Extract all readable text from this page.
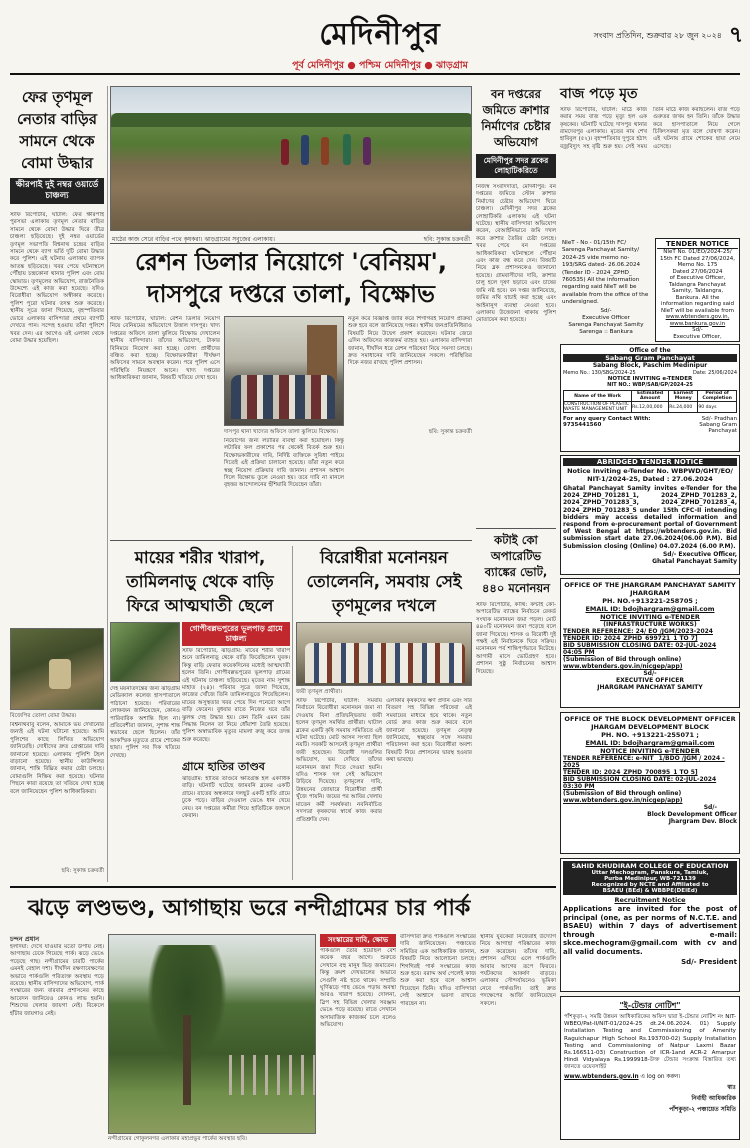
মেদিনীপুর	সংবাদ প্রতিদিন, শুক্রবার ২৮ জুন ২০২৪ ৭
পূর্ব মেদিনীপুর ● পশ্চিম মেদিনীপুর ● ঝাড়গ্রাম
ফের তৃণমূল নেতার বাড়ির সামনে থেকে বোমা উদ্ধার
ক্ষীরপাই দুই নম্বর ওয়ার্ডে চাঞ্চল্য
স্টাফ রিপোর্টার, ঘাটাল: ফের ক্ষীরপাই পুরসভা এলাকায় তৃণমূল নেতার বাড়ির সামনে থেকে বোমা উদ্ধার ঘিরে তীব্র চাঞ্চল্য ছড়িয়েছে। দুই নম্বর ওয়ার্ডের তৃণমূল সভাপতি বিশ্বনাথ চন্দ্রের বাড়ির সামনে থেকে ব্যাগ ভর্তি দুটি বোমা উদ্ধার করে পুলিশ। এই ঘটনায় এলাকায় ব্যাপক আতঙ্ক ছড়িয়েছে। খবর পেয়ে ঘটনাস্থলে পৌঁছায় চন্দ্রকোনা থানার পুলিশ এবং বোম স্কোয়াড। তৃণমূলের অভিযোগ, রাজনৈতিক উদ্দেশ্যে এই কাজ করা হয়েছে। যদিও বিরোধীরা অভিযোগ অস্বীকার করেছে। পুলিশ পুরো ঘটনার তদন্ত শুরু করেছে। স্থানীয় সূত্রে জানা গিয়েছে, বৃহস্পতিবার ভোরে এলাকার বাসিন্দারা প্রথমে ব্যাগটি দেখতে পান। সন্দেহ হওয়ায় তাঁরা পুলিশে খবর দেন। এর আগেও ওই এলাকা থেকে বোমা উদ্ধার হয়েছিল।
বিজেপির তোলা বোমা উদ্ধার।
বিশ্বনাথবাবু বলেন, আমাকে ভয় দেখানোর জন্যই এই ঘটনা ঘটানো হয়েছে। আমি পুলিশের কাছে লিখিত অভিযোগ জানিয়েছি। দোষীদের দ্রুত গ্রেপ্তারের দাবি জানানো হয়েছে। এলাকায় পুলিশি টহল বাড়ানো হয়েছে। স্থানীয় কাউন্সিলর জানান, শান্তি বিঘ্নিত করার চেষ্টা চলছে। বোমাগুলি নিষ্ক্রিয় করা হয়েছে। ঘটনার পিছনে কারা রয়েছে তা খতিয়ে দেখা হচ্ছে বলে জানিয়েছেন পুলিশ আধিকারিকরা।
ছবি: সুকান্ত চক্রবর্তী
মাঠের কাজ সেরে বাড়ির পথে কৃষকরা। ঝাড়গ্রামের সবুজের এলাকায়।	ছবি: সুকান্ত চক্রবর্তী
বন দপ্তরের জমিতে ক্রাশার নির্মাণের চেষ্টার অভিযোগ
মেদিনীপুর সদর ব্লকের লোহাটিকরিতে
নিজস্ব সংবাদদাতা, মেদিনীপুর: বন দপ্তরের জমিতে স্টোন ক্রাশার নির্মাণের চেষ্টার অভিযোগ ঘিরে চাঞ্চল্য। মেদিনীপুর সদর ব্লকের লোহাটিকরি এলাকায় এই ঘটনা ঘটেছে। স্থানীয় বাসিন্দারা অভিযোগ করেন, বেআইনিভাবে জমি দখল করে ক্রাশার তৈরির চেষ্টা চলছে। খবর পেয়ে বন দপ্তরের আধিকারিকরা ঘটনাস্থলে পৌঁছান এবং কাজ বন্ধ করে দেন। বিষয়টি নিয়ে ব্লক প্রশাসনকেও জানানো হয়েছে। গ্রামবাসীদের দাবি, ক্রাশার চালু হলে দূষণ ছড়াবে এবং চাষের জমি নষ্ট হবে। বন দপ্তর জানিয়েছে, জমির নথি যাচাই করা হচ্ছে এবং আইনানুগ ব্যবস্থা নেওয়া হবে। এলাকায় উত্তেজনা থাকায় পুলিশ মোতায়েন করা হয়েছে।
কটাই কো অপারেটিভ ব্যাঙ্কের ভোট, ৪৪০ মনোনয়ন
স্টাফ রিপোর্টার, কাঁথি: কন্টাই কো-অপারেটিভ ব্যাঙ্কের নির্বাচনে রেকর্ড সংখ্যক মনোনয়ন জমা পড়ল। মোট ৪৪০টি মনোনয়ন জমা পড়েছে বলে জানা গিয়েছে। শাসক ও বিরোধী দুই পক্ষই এই নির্বাচনকে ঘিরে সক্রিয়। মনোনয়ন পর্ব শান্তিপূর্ণভাবে মিটেছে। আগামী মাসে ভোটগ্রহণ হবে। প্রশাসন সুষ্ঠু নির্বাচনের আশ্বাস দিয়েছে।
বাজ পড়ে মৃত
স্টাফ রিপোর্টার, ঘাটাল: মাঠে কাজ করার সময় বাজ পড়ে মৃত্যু হল এক কৃষকের। ঘটনাটি ঘটেছে দাসপুর থানার রামদেবপুর এলাকায়। মৃতের নাম শেখ হাবিবুল (৫২)। বৃহস্পতিবার দুপুরে হঠাৎ বজ্রবিদ্যুৎ সহ বৃষ্টি শুরু হয়। সেই সময় তিনি মাঠে কাজ করছিলেন। বাজ পড়ে গুরুতর জখম হন তিনি। তাঁকে উদ্ধার করে হাসপাতালে নিয়ে গেলে চিকিৎসকরা মৃত বলে ঘোষণা করেন। এই ঘটনায় গ্রামে শোকের ছায়া নেমে এসেছে।
NIeT - No - 01/15th FC/
Sarenga Panchayat Samity/
2024-25 vide memo no-
193/SRG dated- 26.06.2024
(Tender ID - 2024_ZPHD_
760535) All the information
regarding said NIeT will be
available from the office of the
undersigned.
Sd/-
Executive Officer
Sarenga Panchayat Samity
Sarenga :: Bankura
TENDER NOTICE
NIeT No. 01/EO/2024-25/
15th FC Dated 27/06/2024,
Memo No. 175
Dated 27/06/2024
of Executive Officer,
Taldangra Panchayat
Samity, Taldangra,
Bankura. All the
information regarding said
NIeT will be available from
www.wbtenders.gov.in,
www.bankura.gov.in
Sd/-
Executive Officer,
Office of the
Sabang Gram Panchayat
Sabang Block, Paschim Medinipur
Memo No.: 130/SBG/2024-25	Date: 25/06/2024
NOTICE INVITING e-TENDER
NIT NO.: WBP/SAB/GP/2024-25
Name of the Work	Estimated Amount	Earnest Money	Period of Completion
CONSTRUCTION OF PLASTIC WASTE MANAGEMENT UNIT	Rs.12,00,000	Rs.24,000	90 days
For any query Contact With: 9735441560
Sd/- Pradhan
Sabang Gram Panchayat
ABRIDGED TENDER NOTICE
Notice Inviting e-Tender No. WBPWD/GHT/EO/ NIT-1/2024-25, Dated : 27.06.2024
Ghatal Panchayat Samity invites e-Tender for the 2024_ZPHD_701281_1, 2024_ZPHD_701283_2, 2024_ZPHD_701283_3, 2024_ZPHD_701283_4, 2024_ZPHD_701283_5 under 15th CFC-II intending bidders may access detailed information and respond from e-procurement portal of Government of West Bengal at https://wbtenders.gov.in. Bid submission start date 27.06.2024(06.00 P.M). Bid Submission closing (Online) 04.07.2024 (6.00 P.M).
Sd/- Executive Officer,
Ghatal Panchayat Samity
রেশন ডিলার নিয়োগে 'বেনিয়ম',
দাসপুরে দপ্তরে তালা, বিক্ষোভ
স্টাফ রিপোর্টার, ঘাটাল: রেশন ডিলার নিয়োগ নিয়ে বেনিয়মের অভিযোগে উত্তাল দাসপুর। খাদ্য দপ্তরের অফিসে তালা ঝুলিয়ে বিক্ষোভ দেখালেন স্থানীয় বাসিন্দারা। তাঁদের অভিযোগ, টাকার বিনিময়ে নিয়োগ করা হচ্ছে। যোগ্য প্রার্থীদের বঞ্চিত করা হচ্ছে। বিক্ষোভকারীরা দীর্ঘক্ষণ অফিসের সামনে অবস্থান করেন। পরে পুলিশ এসে পরিস্থিতি নিয়ন্ত্রণে আনে। খাদ্য দপ্তরের আধিকারিকরা জানান, বিষয়টি খতিয়ে দেখা হবে।
দাসপুর থানা খাদ্যের অফিসে তালা ঝুলিয়ে বিক্ষোভ।	ছবি: সুকান্ত চক্রবর্তী
নিয়োগের জন্য লটারির ব্যবস্থা করা হয়েছিল। কিন্তু লটারির ফল প্রকাশের পর থেকেই বিতর্ক শুরু হয়। বিক্ষোভকারীদের দাবি, নির্দিষ্ট ব্যক্তিকে সুবিধা পাইয়ে দিতেই এই প্রক্রিয়া চালানো হয়েছে। তাঁরা নতুন করে স্বচ্ছ নিয়োগ প্রক্রিয়ার দাবি জানান। প্রশাসন আশ্বাস দিলে বিক্ষোভ তুলে নেওয়া হয়। তবে দাবি না মানলে বৃহত্তর আন্দোলনের হুঁশিয়ারি দিয়েছেন তাঁরা।
নতুন করে বিজ্ঞপ্তি জারি করে শিগগিরই নিয়োগ প্রক্রিয়া শুরু হবে বলে জানিয়েছে দপ্তর। স্থানীয় জনপ্রতিনিধিরাও বিষয়টি নিয়ে উদ্বেগ প্রকাশ করেছেন। ঘটনার জেরে এদিন অফিসের কাজকর্ম ব্যাহত হয়। এলাকার বাসিন্দারা জানান, দীর্ঘদিন ধরে রেশন পরিষেবা নিয়ে সমস্যা চলছে। দ্রুত সমাধানের দাবি জানিয়েছেন সকলে। পরিস্থিতির দিকে নজর রাখছে পুলিশ প্রশাসন।
মায়ের শরীর খারাপ, তামিলনাড়ু থেকে বাড়ি ফিরে আত্মঘাতী ছেলে
গোপীবল্লভপুরের ভূলপাড় গ্রামে চাঞ্চল্য
স্টাফ রিপোর্টার, ঝাড়গ্রাম: মায়ের শরীর খারাপ শুনে তামিলনাড়ু থেকে বাড়ি ফিরেছিলেন যুবক। কিন্তু বাড়ি ফেরার কয়েকদিনের মধ্যেই আত্মঘাতী হলেন তিনি। গোপীবল্লভপুরের ভূলপাড় গ্রামের এই ঘটনায় চাঞ্চল্য ছড়িয়েছে। মৃতের নাম সুশান্ত মাহাত (২৪)। পরিবার সূত্রে জানা গিয়েছে, কাজের খোঁজে তিনি তামিলনাড়ুতে গিয়েছিলেন। মায়ের অসুস্থতার খবর পেয়ে দিন পনেরো আগে বাড়ি ফেরেন। বুধবার রাতে নিজের ঘরে তাঁর ঝুলন্ত দেহ উদ্ধার হয়। কেন তিনি এমন চরম সিদ্ধান্ত নিলেন তা নিয়ে ধোঁয়াশা তৈরি হয়েছে। পুলিশ অস্বাভাবিক মৃত্যুর মামলা রুজু করে তদন্ত শুরু করেছে।
দেহ ময়নাতদন্তের জন্য ঝাড়গ্রাম মেডিক্যাল কলেজ হাসপাতালে পাঠানো হয়েছে। পরিবারের লোকজন জানিয়েছেন, কোনও পারিবারিক অশান্তি ছিল না। প্রতিবেশীরা জানান, সুশান্ত শান্ত স্বভাবের ছেলে ছিলেন। তাঁর আকস্মিক মৃত্যুতে গ্রামে শোকের ছায়া। পুলিশ সব দিক খতিয়ে দেখছে।
গ্রামে হাতির তাণ্ডব
ঝাড়গ্রাম: হাতির তাণ্ডবে ক্ষতিগ্রস্ত হল একাধিক বাড়ি। ঘটনাটি ঘটেছে জামবনি ব্লকের একটি গ্রামে। রাতের অন্ধকারে দলছুট একটি হাতি গ্রামে ঢুকে পড়ে। বাড়ির দেওয়াল ভেঙে ধান খেয়ে নেয়। বন দপ্তরের কর্মীরা গিয়ে হাতিটিকে জঙ্গলে ফেরান।
বিরোধীরা মনোনয়ন তোলেননি, সমবায় সেই তৃণমূলের দখলে
জয়ী তৃণমূল প্রার্থীরা।
স্টাফ রিপোর্টার, ঘাটাল: সমবায় নির্বাচনে বিরোধীরা মনোনয়ন জমা না দেওয়ায় বিনা প্রতিদ্বন্দ্বিতায় জয়ী হলেন তৃণমূল সমর্থিত প্রার্থীরা। ঘাটাল ব্লকের একটি কৃষি সমবায় সমিতিতে এই ঘটনা ঘটেছে। মোট আসন সংখ্যা ছিল নয়টি। সবকটি আসনেই তৃণমূল প্রার্থীরা জয়ী হয়েছেন। বিরোধী দলগুলির অভিযোগ, ভয় দেখিয়ে তাঁদের মনোনয়ন জমা দিতে দেওয়া হয়নি। যদিও শাসক দল সেই অভিযোগ উড়িয়ে দিয়েছে। তৃণমূলের দাবি, উন্নয়নের জোয়ারে বিরোধীরা প্রার্থী খুঁজে পায়নি। জয়ের পর আবির খেলায় মাতেন কর্মী সমর্থকরা। নবনির্বাচিত সদস্যরা কৃষকদের স্বার্থে কাজ করার প্রতিশ্রুতি দেন।
এলাকার কৃষকদের ঋণ প্রদান এবং সার বিতরণ সহ বিভিন্ন পরিষেবা এই সমবায়ের মাধ্যমে হয়ে থাকে। নতুন বোর্ড দ্রুত কাজ শুরু করবে বলে জানানো হয়েছে। তৃণমূল নেতৃত্ব জানিয়েছে, স্বচ্ছতার সঙ্গে সমবায় পরিচালনা করা হবে। বিরোধীরা অবশ্য বিষয়টি নিয়ে প্রশাসনের দ্বারস্থ হওয়ার কথা ভাবছে।
OFFICE OF THE JHARGRAM PANCHAYAT SAMITY
JHARGRAM
PH. NO.+913221-258705 ;
EMAIL ID: bdojhargram@gmail.com
NOTICE INVITING e-TENDER
(INFRASTRUCTURE WORKS)
TENDER REFERENCE: 24/ EO /JGM/2023-2024
TENDER ID: 2024_ZPHD_699721_1 TO 7]
BID SUBMISSION CLOSING DATE: 02-JUL-2024 04:05 PM
(Submission of Bid through online)
www.wbtenders.gov.in/nicgep/app)
Sd/-
EXECUTIVE OFFICER
JHARGRAM PANCHAYAT SAMITY
OFFICE OF THE BLOCK DEVELOPMENT OFFICER
JHARGAM DEVELOPMENT BLOCK
PH. NO. +913221-255071 ;
EMAIL ID: bdojhargram@gmail.com
NOTICE INVITING e-TENDER
TENDER REFERENCE: e-NIT _1/BDO /JGM / 2024 - 2025
TENDER ID: 2024_ZPHD_700895_1 TO 5]
BID SUBMISSION CLOSING DATE: 02-JUL-2024 03:30 PM
(Submission of Bid through online)
www.wbtenders.gov.in/nicgep/app)
Sd/-
Block Development Officer
Jhargram Dev. Block
SAHID KHUDIRAM COLLEGE OF EDUCATION
Uttar Mechogram, Panskura, Tamluk,
Purba Medinipur, WB-721139
Recognized by NCTE and Affiliated to
BSAEU (BEd) & WBBPE(DElEd)
Recruitment Notice
Applications are invited for the post of principal (one, as per norms of N.C.T.E. and BSAEU) within 7 days of advertisement through e-mail: skce.mechogram@gmail.com with cv and all valid documents.
Sd/- President
"ই-টেন্ডার নোটিশ"
পাঁশকুড়া-২ সমষ্টি উন্নয়ন আধিকারিকের অফিস দ্বারা ই-টেন্ডার নোটিশ নং NIT-WBEO/Pat-II/NIT-01/2024-25 dt.24.06.2024. 01) Supply Installation Testing and Commissioning of Amenity Raguichapur High School Rs.193700-02) Supply Installation Testing and Commissioning of Natpur Laxmi Bazar Rs.166511-03) Construction of ICR-1and ACR-2 Amarpur Hindi Vidyalaya Rs.1999918-উক্ত টেন্ডার সংক্রান্ত বিস্তারিত তথ্য জানতে ওয়েবসাইট
www.wbtenders.gov.in এ log on করুন।
স্বাঃ
নির্বাহী আধিকারিক
পাঁশকুড়া-২ পঞ্চায়েত সমিতি
ঝড়ে লণ্ডভণ্ড, আগাছায় ভরে নন্দীগ্রামের চার পার্ক
চন্দন প্রধান
হলদিয়া: দেখে যাওয়ার মতো উপায় নেই। আগাছায় ঢেকে গিয়েছে পার্ক। ঝড়ে ভেঙে পড়েছে গাছ। নন্দীগ্রামের চারটি পার্কের এমনই বেহাল দশা। দীর্ঘদিন রক্ষণাবেক্ষণের অভাবে পার্কগুলি পরিত্যক্ত অবস্থায় পড়ে রয়েছে। স্থানীয় বাসিন্দাদের অভিযোগ, পার্ক সংস্কারের জন্য বারবার প্রশাসনের কাছে আবেদন জানিয়েও কোনও লাভ হয়নি। শিশুদের খেলার জায়গা নেই। বিকেলে হাঁটার জায়গাও নেই।
নন্দীগ্রামের গোকুলনগর এলাকার মহাপ্রভুর পার্কের অবস্থার ছবি।
সংস্কারের দাবি, ক্ষোভ
পার্কগুলি তৈরি হয়েছিল বেশ কয়েক বছর আগে। শুরুতে সেখানে বহু মানুষ ভিড় জমাতেন। কিন্তু ক্রমশ দেখভালের অভাবে সেগুলি নষ্ট হতে থাকে। সম্প্রতি ঘূর্ণিঝড়ে গাছ ভেঙে পড়ায় অবস্থা আরও খারাপ হয়েছে। দোলনা, স্লিপ সহ বিভিন্ন খেলার সরঞ্জাম ভেঙে পড়ে রয়েছে। রাতে সেখানে অসামাজিক কাজকর্ম চলে বলেও অভিযোগ।
বাসিন্দারা দ্রুত পার্কগুলি সংস্কারের দাবি জানিয়েছেন। পঞ্চায়েত সমিতির এক আধিকারিক জানান, বিষয়টি নিয়ে আলোচনা চলছে। শিগগিরই পার্ক সংস্কারের কাজ শুরু হবে। বরাদ্দ অর্থ পেলেই কাজ শুরু করা হবে বলে আশ্বাস দিয়েছেন তিনি। যদিও বাসিন্দারা সেই আশ্বাসে ভরসা রাখতে পারছেন না।
স্থানীয় যুবকেরা নিজেরাই উদ্যোগ নিয়ে আগাছা পরিষ্কারের কাজ শুরু করেছেন। তাঁদের দাবি, প্রশাসন এগিয়ে এলে পার্কগুলি আবার আগের রূপে ফিরবে। পর্যটকদের আকর্ষণ বাড়বে। এলাকার সৌন্দর্যায়নেও ভূমিকা নেবে পার্কগুলি। তাই দ্রুত পদক্ষেপের আর্জি জানিয়েছেন সকলে।
